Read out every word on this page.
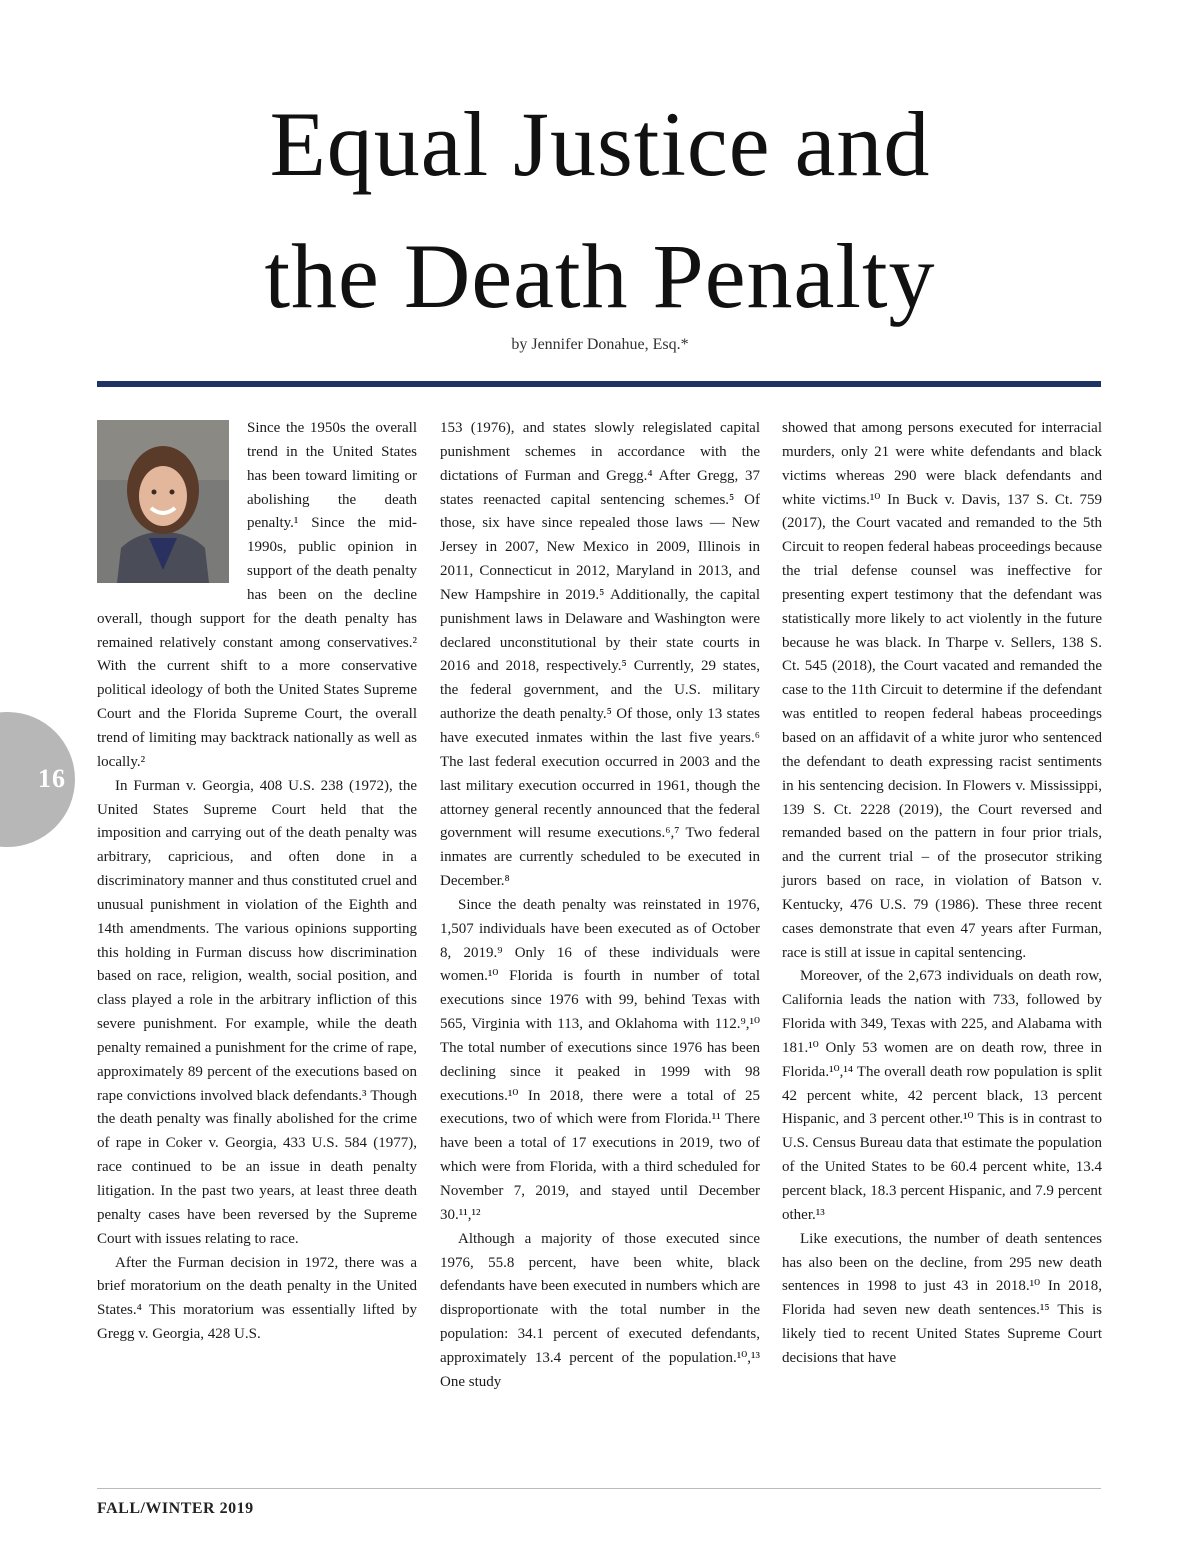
Equal Justice and
the Death Penalty
by Jennifer Donahue, Esq.*

Since the 1950s the overall trend in the United States has been toward limiting or abolishing the death penalty.¹ Since the mid-1990s, public opinion in support of the death penalty has been on the decline overall, though support for the death penalty has remained relatively constant among conservatives.² With the current shift to a more conservative political ideology of both the United States Supreme Court and the Florida Supreme Court, the overall trend of limiting may backtrack nationally as well as locally.²

In Furman v. Georgia, 408 U.S. 238 (1972), the United States Supreme Court held that the imposition and carrying out of the death penalty was arbitrary, capricious, and often done in a discriminatory manner and thus constituted cruel and unusual punishment in violation of the Eighth and 14th amendments. The various opinions supporting this holding in Furman discuss how discrimination based on race, religion, wealth, social position, and class played a role in the arbitrary infliction of this severe punishment. For example, while the death penalty remained a punishment for the crime of rape, approximately 89 percent of the executions based on rape convictions involved black defendants.³ Though the death penalty was finally abolished for the crime of rape in Coker v. Georgia, 433 U.S. 584 (1977), race continued to be an issue in death penalty litigation. In the past two years, at least three death penalty cases have been reversed by the Supreme Court with issues relating to race.

After the Furman decision in 1972, there was a brief moratorium on the death penalty in the United States.⁴ This moratorium was essentially lifted by Gregg v. Georgia, 428 U.S.

153 (1976), and states slowly relegislated capital punishment schemes in accordance with the dictations of Furman and Gregg.⁴ After Gregg, 37 states reenacted capital sentencing schemes.⁵ Of those, six have since repealed those laws — New Jersey in 2007, New Mexico in 2009, Illinois in 2011, Connecticut in 2012, Maryland in 2013, and New Hampshire in 2019.⁵ Additionally, the capital punishment laws in Delaware and Washington were declared unconstitutional by their state courts in 2016 and 2018, respectively.⁵ Currently, 29 states, the federal government, and the U.S. military authorize the death penalty.⁵ Of those, only 13 states have executed inmates within the last five years.⁶ The last federal execution occurred in 2003 and the last military execution occurred in 1961, though the attorney general recently announced that the federal government will resume executions.⁶,⁷ Two federal inmates are currently scheduled to be executed in December.⁸

Since the death penalty was reinstated in 1976, 1,507 individuals have been executed as of October 8, 2019.⁹ Only 16 of these individuals were women.¹⁰ Florida is fourth in number of total executions since 1976 with 99, behind Texas with 565, Virginia with 113, and Oklahoma with 112.⁹,¹⁰ The total number of executions since 1976 has been declining since it peaked in 1999 with 98 executions.¹⁰ In 2018, there were a total of 25 executions, two of which were from Florida.¹¹ There have been a total of 17 executions in 2019, two of which were from Florida, with a third scheduled for November 7, 2019, and stayed until December 30.¹¹,¹²

Although a majority of those executed since 1976, 55.8 percent, have been white, black defendants have been executed in numbers which are disproportionate with the total number in the population: 34.1 percent of executed defendants, approximately 13.4 percent of the population.¹⁰,¹³ One study

showed that among persons executed for interracial murders, only 21 were white defendants and black victims whereas 290 were black defendants and white victims.¹⁰ In Buck v. Davis, 137 S. Ct. 759 (2017), the Court vacated and remanded to the 5th Circuit to reopen federal habeas proceedings because the trial defense counsel was ineffective for presenting expert testimony that the defendant was statistically more likely to act violently in the future because he was black. In Tharpe v. Sellers, 138 S. Ct. 545 (2018), the Court vacated and remanded the case to the 11th Circuit to determine if the defendant was entitled to reopen federal habeas proceedings based on an affidavit of a white juror who sentenced the defendant to death expressing racist sentiments in his sentencing decision. In Flowers v. Mississippi, 139 S. Ct. 2228 (2019), the Court reversed and remanded based on the pattern in four prior trials, and the current trial – of the prosecutor striking jurors based on race, in violation of Batson v. Kentucky, 476 U.S. 79 (1986). These three recent cases demonstrate that even 47 years after Furman, race is still at issue in capital sentencing.

Moreover, of the 2,673 individuals on death row, California leads the nation with 733, followed by Florida with 349, Texas with 225, and Alabama with 181.¹⁰ Only 53 women are on death row, three in Florida.¹⁰,¹⁴ The overall death row population is split 42 percent white, 42 percent black, 13 percent Hispanic, and 3 percent other.¹⁰ This is in contrast to U.S. Census Bureau data that estimate the population of the United States to be 60.4 percent white, 13.4 percent black, 18.3 percent Hispanic, and 7.9 percent other.¹³

Like executions, the number of death sentences has also been on the decline, from 295 new death sentences in 1998 to just 43 in 2018.¹⁰ In 2018, Florida had seven new death sentences.¹⁵ This is likely tied to recent United States Supreme Court decisions that have

16
FALL/WINTER 2019
